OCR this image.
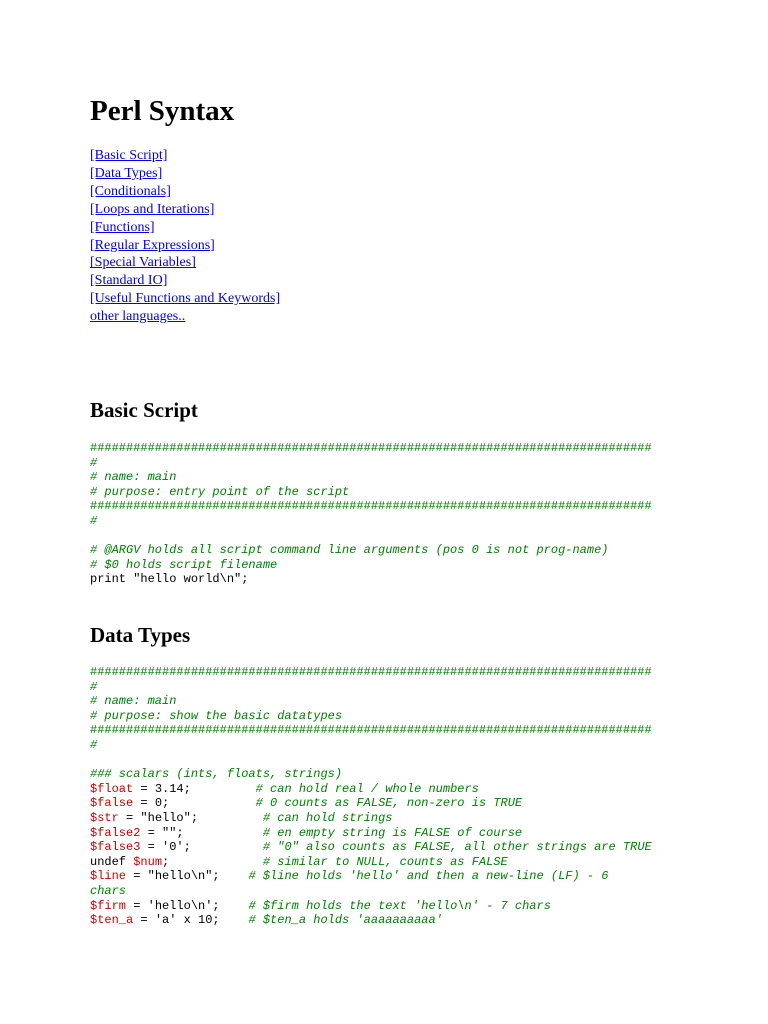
Perl Syntax
[Basic Script]
[Data Types]
[Conditionals]
[Loops and Iterations]
[Functions]
[Regular Expressions]
[Special Variables]
[Standard IO]
[Useful Functions and Keywords]
other languages..
Basic Script
##############################################################################
#
# name: main
# purpose: entry point of the script
##############################################################################
#

# @ARGV holds all script command line arguments (pos 0 is not prog-name)
# $0 holds script filename
print "hello world\n";
Data Types
##############################################################################
#
# name: main
# purpose: show the basic datatypes
##############################################################################
#

### scalars (ints, floats, strings)
$float = 3.14;	# can hold real / whole numbers
$false = 0;	# 0 counts as FALSE, non-zero is TRUE
$str = "hello";	# can hold strings
$false2 = "";	# en empty string is FALSE of course
$false3 = '0';	# "0" also counts as FALSE, all other strings are TRUE
undef $num;	# similar to NULL, counts as FALSE
$line = "hello\n"; # $line holds 'hello' and then a new-line (LF) - 6
chars
$firm = 'hello\n'; # $firm holds the text 'hello\n' - 7 chars
$ten_a = 'a' x 10; # $ten_a holds 'aaaaaaaaaa'
